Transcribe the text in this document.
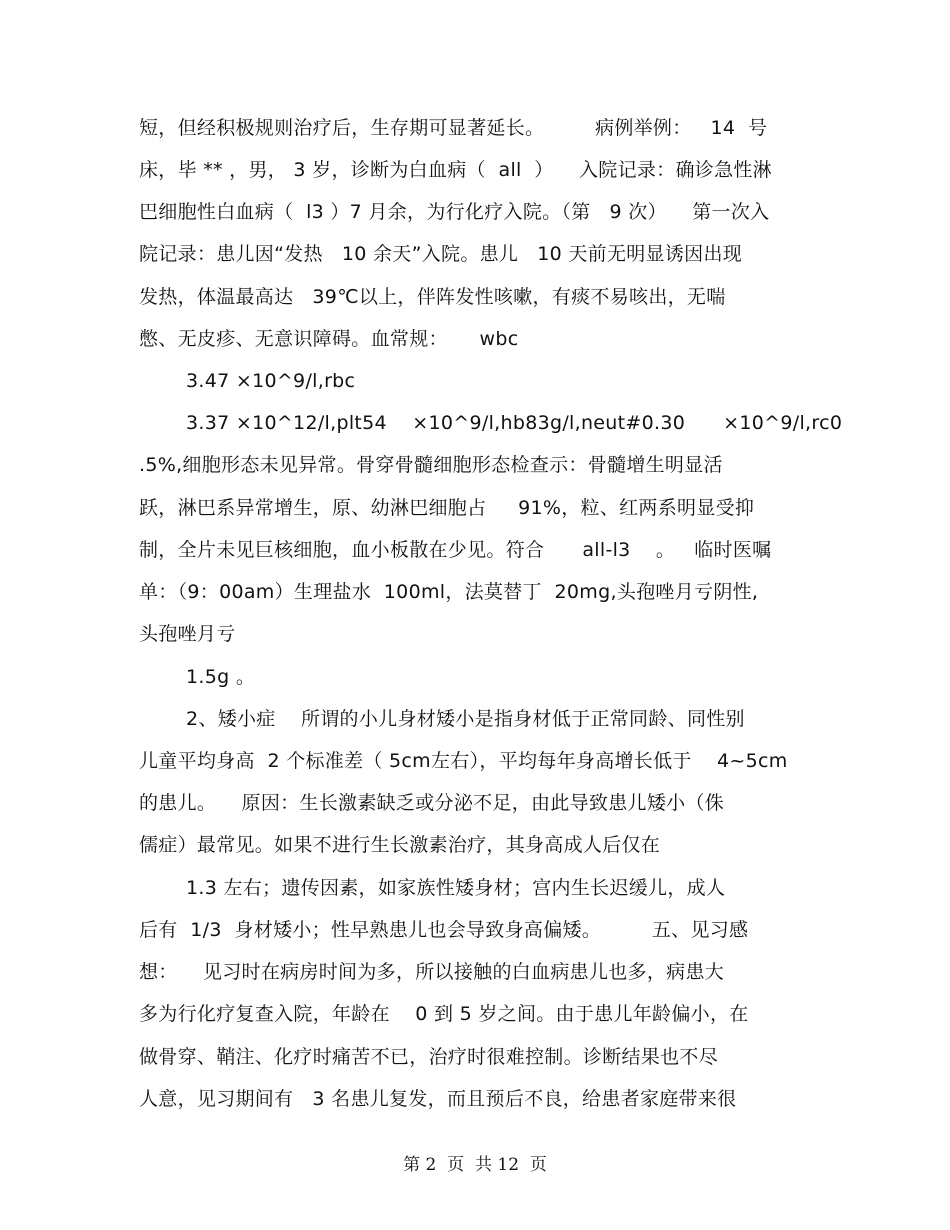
短，但经积极规则治疗后，生存期可显著延长。        病例举例：   14  号
床，毕 ** ，男， 3 岁，诊断为白血病（  all  ）    入院记录：确诊急性淋
巴细胞性白血病（  l3 ）7 月余，为行化疗入院。（第   9 次）    第一次入
院记录：患儿因“发热   10 余天”入院。患儿   10 天前无明显诱因出现
发热，体温最高达   39℃以上，伴阵发性咳嗽，有痰不易咳出，无喘
憋、无皮疹、无意识障碍。血常规：     wbc
3.47 ×10^9/l,rbc
3.37 ×10^12/l,plt54    ×10^9/l,hb83g/l,neut#0.30      ×10^9/l,rc0
.5%,细胞形态未见异常。骨穿骨髓细胞形态检查示：骨髓增生明显活
跃，淋巴系异常增生，原、幼淋巴细胞占     91%，粒、红两系明显受抑
制，全片未见巨核细胞，血小板散在少见。符合      all-l3    。   临时医嘱
单：（9：00am）生理盐水  100ml，法莫替丁  20mg,头孢唑月亏阴性,
头孢唑月亏
1.5g 。
2、矮小症    所谓的小儿身材矮小是指身材低于正常同龄、同性别
儿童平均身高  2 个标准差（ 5cm左右），平均每年身高增长低于    4~5cm
的患儿。    原因：生长激素缺乏或分泌不足，由此导致患儿矮小（侏
儒症）最常见。如果不进行生长激素治疗，其身高成人后仅在
1.3 左右；遗传因素，如家族性矮身材；宫内生长迟缓儿，成人
后有  1/3  身材矮小；性早熟患儿也会导致身高偏矮。        五、见习感
想：    见习时在病房时间为多，所以接触的白血病患儿也多，病患大
多为行化疗复查入院，年龄在    0 到 5 岁之间。由于患儿年龄偏小，在
做骨穿、鞘注、化疗时痛苦不已，治疗时很难控制。诊断结果也不尽
人意，见习期间有   3 名患儿复发，而且预后不良，给患者家庭带来很
第 2  页  共 12  页
